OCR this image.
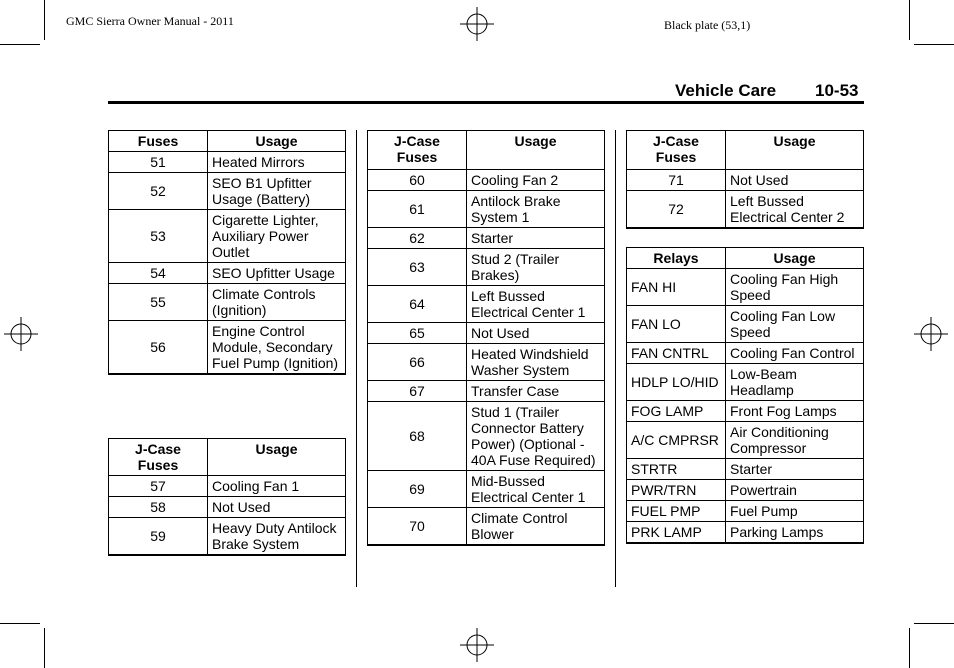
GMC Sierra Owner Manual - 2011	Black plate (53,1)
Vehicle Care 10-53
Fuses	Usage
51	Heated Mirrors
52	SEO B1 Upfitter Usage (Battery)
53	Cigarette Lighter, Auxiliary Power Outlet
54	SEO Upfitter Usage
55	Climate Controls (Ignition)
56	Engine Control Module, Secondary Fuel Pump (Ignition)
J-Case Fuses	Usage
57	Cooling Fan 1
58	Not Used
59	Heavy Duty Antilock Brake System
J-Case Fuses	Usage
60	Cooling Fan 2
61	Antilock Brake System 1
62	Starter
63	Stud 2 (Trailer Brakes)
64	Left Bussed Electrical Center 1
65	Not Used
66	Heated Windshield Washer System
67	Transfer Case
68	Stud 1 (Trailer Connector Battery Power) (Optional - 40A Fuse Required)
69	Mid-Bussed Electrical Center 1
70	Climate Control Blower
J-Case Fuses	Usage
71	Not Used
72	Left Bussed Electrical Center 2
Relays	Usage
FAN HI	Cooling Fan High Speed
FAN LO	Cooling Fan Low Speed
FAN CNTRL	Cooling Fan Control
HDLP LO/HID	Low-Beam Headlamp
FOG LAMP	Front Fog Lamps
A/C CMPRSR	Air Conditioning Compressor
STRTR	Starter
PWR/TRN	Powertrain
FUEL PMP	Fuel Pump
PRK LAMP	Parking Lamps
